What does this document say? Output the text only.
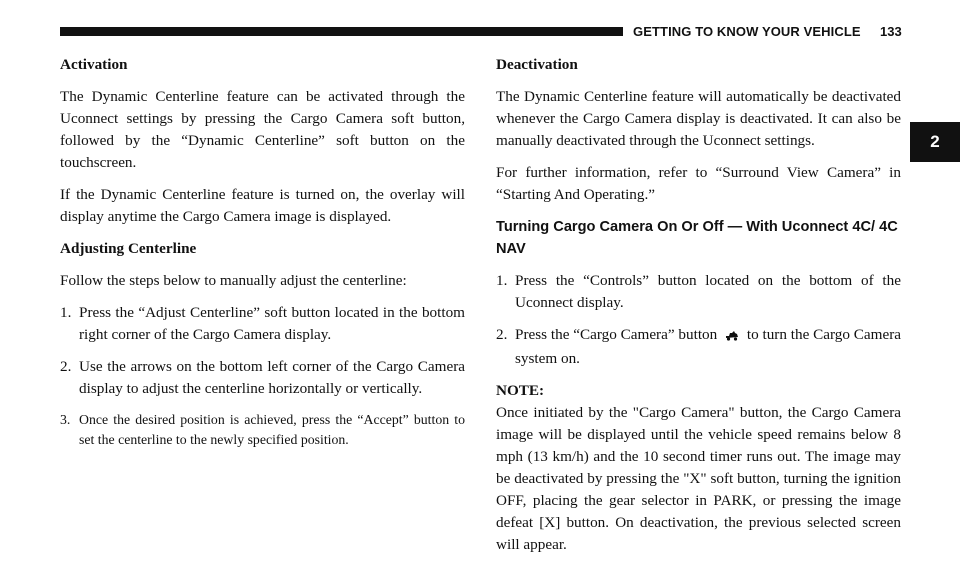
GETTING TO KNOW YOUR VEHICLE 133
2

Activation

The Dynamic Centerline feature can be activated through the Uconnect settings by pressing the Cargo Camera soft button, followed by the “Dynamic Centerline” soft button on the touchscreen.

If the Dynamic Centerline feature is turned on, the overlay will display anytime the Cargo Camera image is displayed.

Adjusting Centerline

Follow the steps below to manually adjust the centerline:

1. Press the “Adjust Centerline” soft button located in the bottom right corner of the Cargo Camera display.
2. Use the arrows on the bottom left corner of the Cargo Camera display to adjust the centerline horizontally or vertically.
3. Once the desired position is achieved, press the “Accept” button to set the centerline to the newly specified position.

Deactivation

The Dynamic Centerline feature will automatically be deactivated whenever the Cargo Camera display is deactivated. It can also be manually deactivated through the Uconnect settings.

For further information, refer to “Surround View Camera” in “Starting And Operating.”

Turning Cargo Camera On Or Off — With Uconnect 4C/ 4C NAV

1. Press the “Controls” button located on the bottom of the Uconnect display.
2. Press the “Cargo Camera” button to turn the Cargo Camera system on.

NOTE:

Once initiated by the "Cargo Camera" button, the Cargo Camera image will be displayed until the vehicle speed remains below 8 mph (13 km/h) and the 10 second timer runs out. The image may be deactivated by pressing the "X" soft button, turning the ignition OFF, placing the gear selector in PARK, or pressing the image defeat [X] button. On deactivation, the previous selected screen will appear.
